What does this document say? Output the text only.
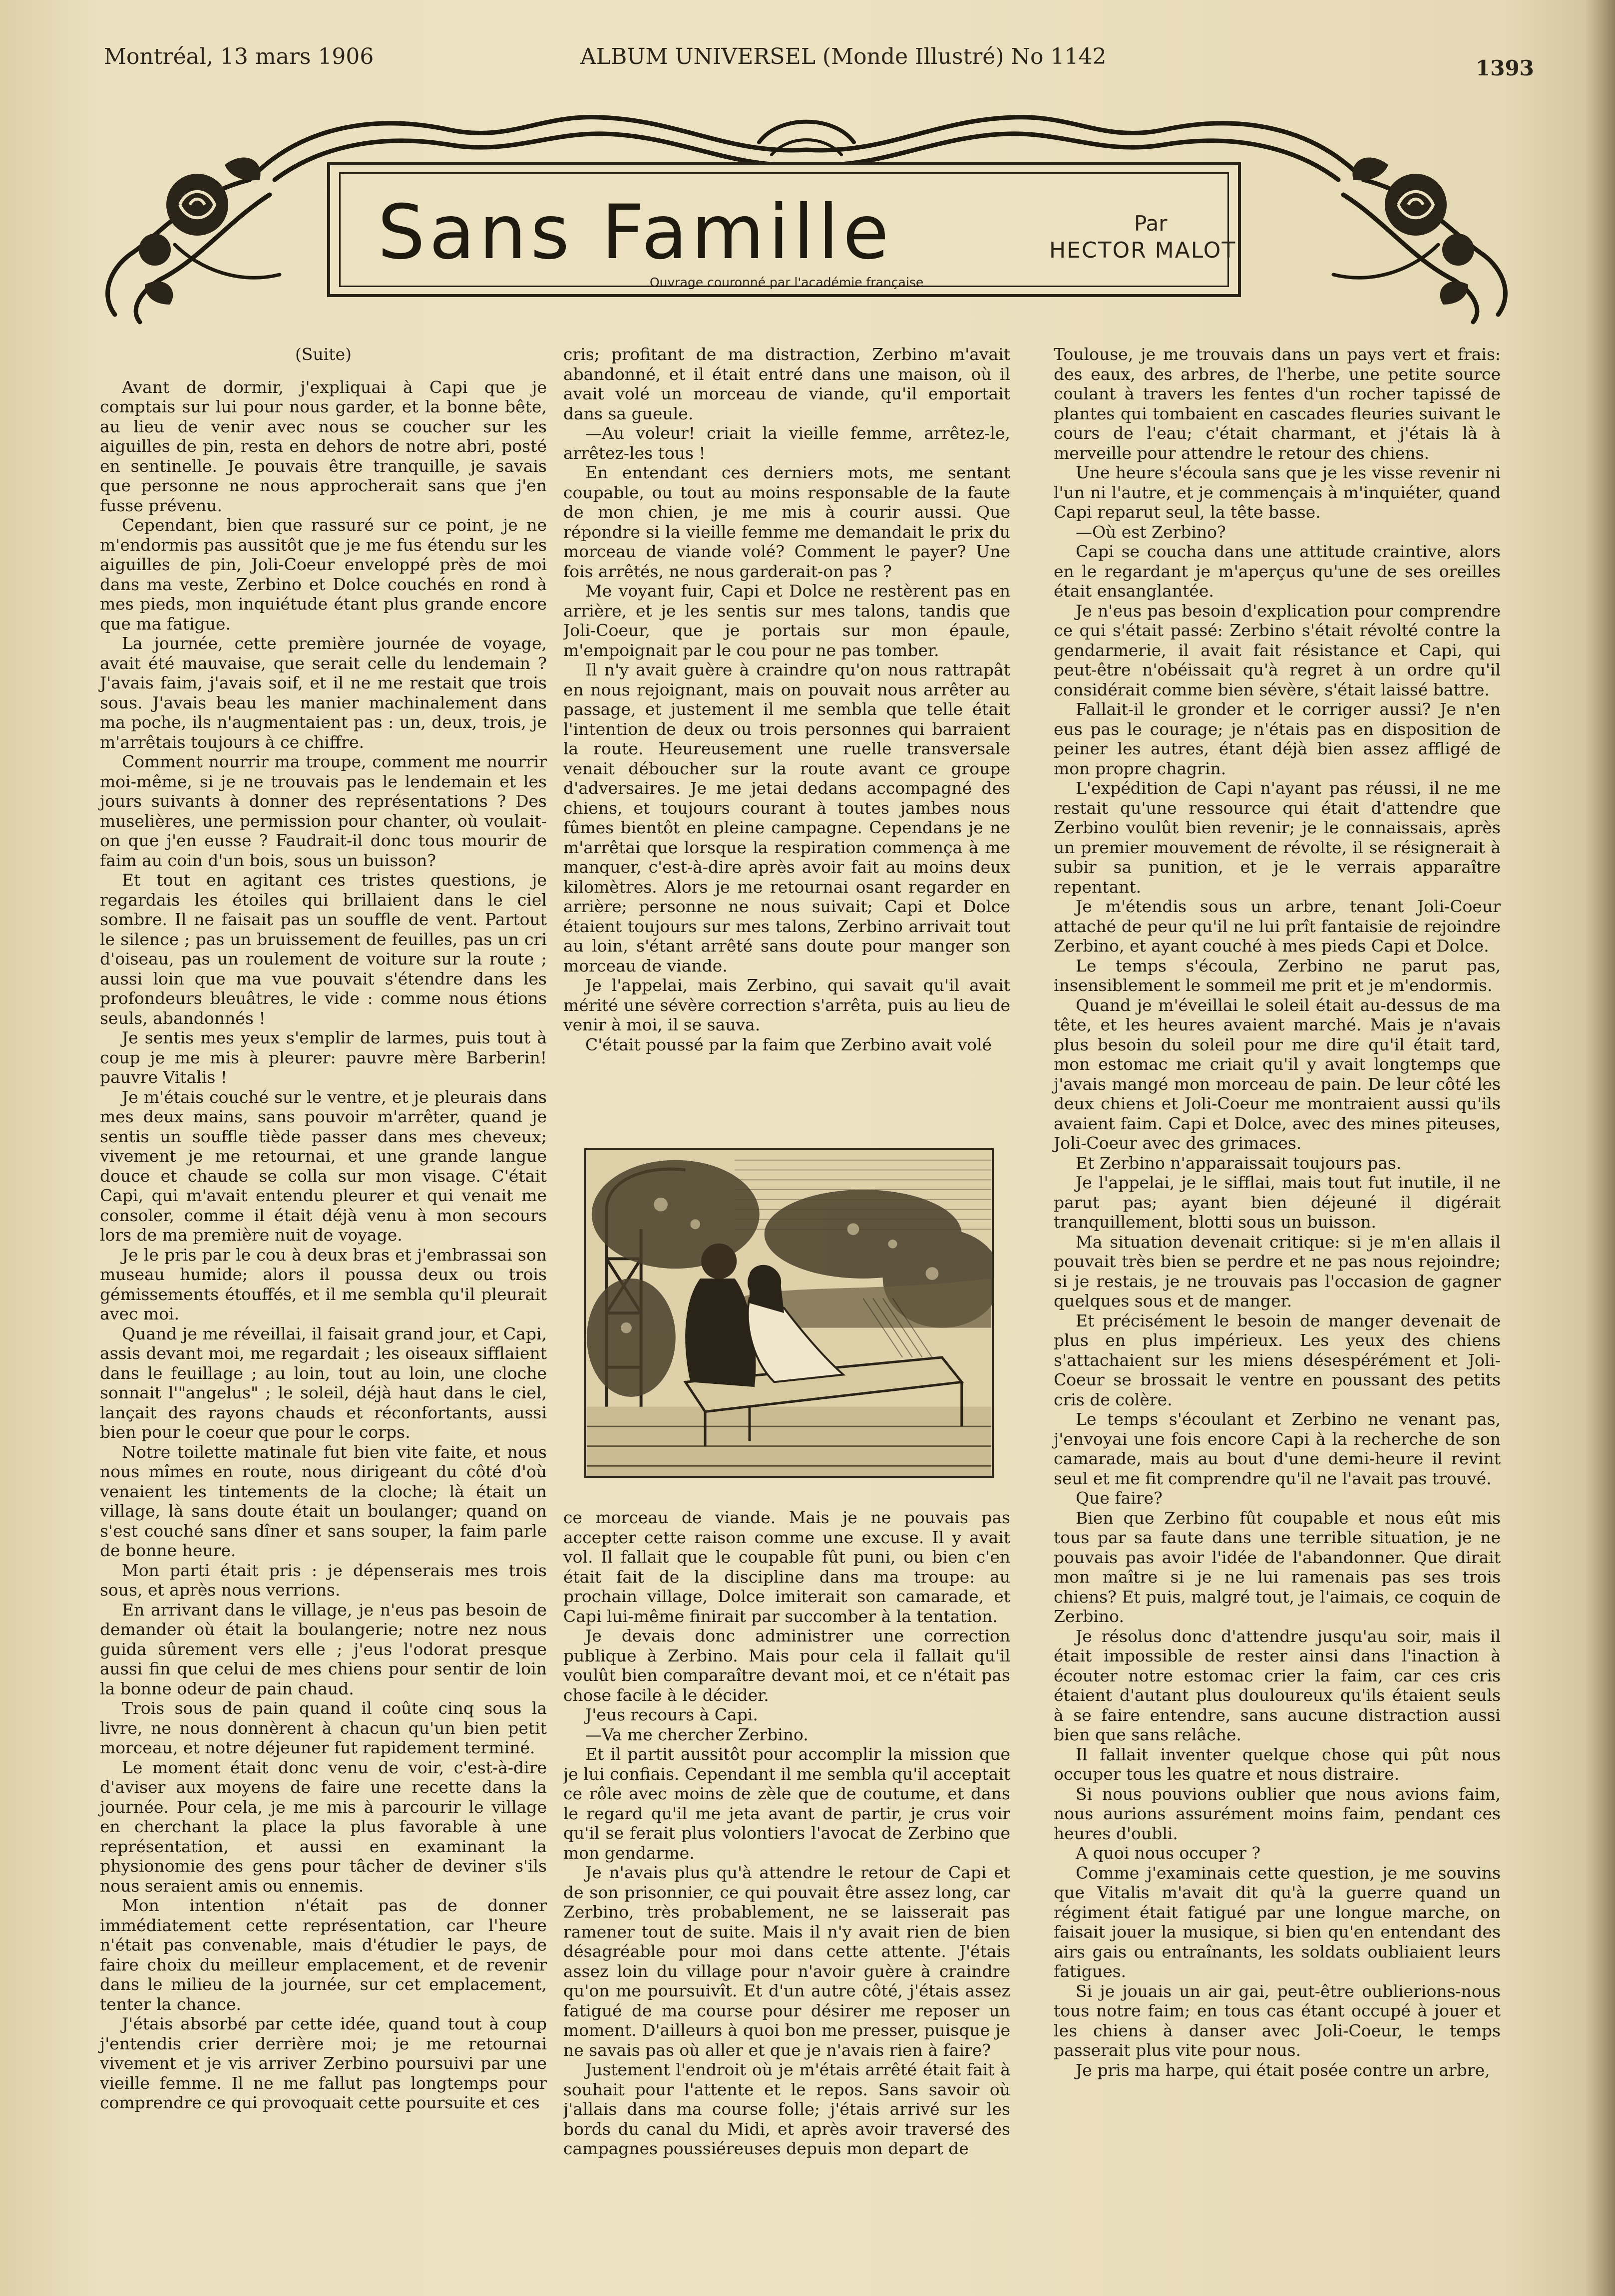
Montréal, 13 mars 1906	ALBUM UNIVERSEL (Monde Illustré) No 1142	1393
Sans Famille	Par
HECTOR MALOT
Ouvrage couronné par l'académie française

(Suite)

Avant de dormir, j'expliquai à Capi que je comptais sur lui pour nous garder, et la bonne bête, au lieu de venir avec nous se coucher sur les aiguilles de pin, resta en dehors de notre abri, posté en sentinelle. Je pouvais être tranquille, je savais que personne ne nous approcherait sans que j'en fusse prévenu.

Cependant, bien que rassuré sur ce point, je ne m'endormis pas aussitôt que je me fus étendu sur les aiguilles de pin, Joli-Coeur enveloppé près de moi dans ma veste, Zerbino et Dolce couchés en rond à mes pieds, mon inquiétude étant plus grande encore que ma fatigue.

La journée, cette première journée de voyage, avait été mauvaise, que serait celle du lendemain ? J'avais faim, j'avais soif, et il ne me restait que trois sous. J'avais beau les manier machinalement dans ma poche, ils n'augmentaient pas : un, deux, trois, je m'arrêtais toujours à ce chiffre.

Comment nourrir ma troupe, comment me nourrir moi-même, si je ne trouvais pas le lendemain et les jours suivants à donner des représentations ? Des muselières, une permission pour chanter, où voulait-on que j'en eusse ? Faudrait-il donc tous mourir de faim au coin d'un bois, sous un buisson?

Et tout en agitant ces tristes questions, je regardais les étoiles qui brillaient dans le ciel sombre. Il ne faisait pas un souffle de vent. Partout le silence ; pas un bruissement de feuilles, pas un cri d'oiseau, pas un roulement de voiture sur la route ; aussi loin que ma vue pouvait s'étendre dans les profondeurs bleuâtres, le vide : comme nous étions seuls, abandonnés !

Je sentis mes yeux s'emplir de larmes, puis tout à coup je me mis à pleurer: pauvre mère Barberin! pauvre Vitalis !

Je m'étais couché sur le ventre, et je pleurais dans mes deux mains, sans pouvoir m'arrêter, quand je sentis un souffle tiède passer dans mes cheveux; vivement je me retournai, et une grande langue douce et chaude se colla sur mon visage. C'était Capi, qui m'avait entendu pleurer et qui venait me consoler, comme il était déjà venu à mon secours lors de ma première nuit de voyage.

Je le pris par le cou à deux bras et j'embrassai son museau humide; alors il poussa deux ou trois gémissements étouffés, et il me sembla qu'il pleurait avec moi.

Quand je me réveillai, il faisait grand jour, et Capi, assis devant moi, me regardait ; les oiseaux sifflaient dans le feuillage ; au loin, tout au loin, une cloche sonnait l'"angelus" ; le soleil, déjà haut dans le ciel, lançait des rayons chauds et réconfortants, aussi bien pour le coeur que pour le corps.

Notre toilette matinale fut bien vite faite, et nous nous mîmes en route, nous dirigeant du côté d'où venaient les tintements de la cloche; là était un village, là sans doute était un boulanger; quand on s'est couché sans dîner et sans souper, la faim parle de bonne heure.

Mon parti était pris : je dépenserais mes trois sous, et après nous verrions.

En arrivant dans le village, je n'eus pas besoin de demander où était la boulangerie; notre nez nous guida sûrement vers elle ; j'eus l'odorat presque aussi fin que celui de mes chiens pour sentir de loin la bonne odeur de pain chaud.

Trois sous de pain quand il coûte cinq sous la livre, ne nous donnèrent à chacun qu'un bien petit morceau, et notre déjeuner fut rapidement terminé.

Le moment était donc venu de voir, c'est-à-dire d'aviser aux moyens de faire une recette dans la journée. Pour cela, je me mis à parcourir le village en cherchant la place la plus favorable à une représentation, et aussi en examinant la physionomie des gens pour tâcher de deviner s'ils nous seraient amis ou ennemis.

Mon intention n'était pas de donner immédiatement cette représentation, car l'heure n'était pas convenable, mais d'étudier le pays, de faire choix du meilleur emplacement, et de revenir dans le milieu de la journée, sur cet emplacement, tenter la chance.

J'étais absorbé par cette idée, quand tout à coup j'entendis crier derrière moi; je me retournai vivement et je vis arriver Zerbino poursuivi par une vieille femme. Il ne me fallut pas longtemps pour comprendre ce qui provoquait cette poursuite et ces

cris; profitant de ma distraction, Zerbino m'avait abandonné, et il était entré dans une maison, où il avait volé un morceau de viande, qu'il emportait dans sa gueule.

—Au voleur! criait la vieille femme, arrêtez-le, arrêtez-les tous !

En entendant ces derniers mots, me sentant coupable, ou tout au moins responsable de la faute de mon chien, je me mis à courir aussi. Que répondre si la vieille femme me demandait le prix du morceau de viande volé? Comment le payer? Une fois arrêtés, ne nous garderait-on pas ?

Me voyant fuir, Capi et Dolce ne restèrent pas en arrière, et je les sentis sur mes talons, tandis que Joli-Coeur, que je portais sur mon épaule, m'empoignait par le cou pour ne pas tomber.

Il n'y avait guère à craindre qu'on nous rattrapât en nous rejoignant, mais on pouvait nous arrêter au passage, et justement il me sembla que telle était l'intention de deux ou trois personnes qui barraient la route. Heureusement une ruelle transversale venait déboucher sur la route avant ce groupe d'adversaires. Je me jetai dedans accompagné des chiens, et toujours courant à toutes jambes nous fûmes bientôt en pleine campagne. Cependans je ne m'arrêtai que lorsque la respiration commença à me manquer, c'est-à-dire après avoir fait au moins deux kilomètres. Alors je me retournai osant regarder en arrière; personne ne nous suivait; Capi et Dolce étaient toujours sur mes talons, Zerbino arrivait tout au loin, s'étant arrêté sans doute pour manger son morceau de viande.

Je l'appelai, mais Zerbino, qui savait qu'il avait mérité une sévère correction s'arrêta, puis au lieu de venir à moi, il se sauva.

C'était poussé par la faim que Zerbino avait volé

ce morceau de viande. Mais je ne pouvais pas accepter cette raison comme une excuse. Il y avait vol. Il fallait que le coupable fût puni, ou bien c'en était fait de la discipline dans ma troupe: au prochain village, Dolce imiterait son camarade, et Capi lui-même finirait par succomber à la tentation.

Je devais donc administrer une correction publique à Zerbino. Mais pour cela il fallait qu'il voulût bien comparaître devant moi, et ce n'était pas chose facile à le décider.

J'eus recours à Capi.

—Va me chercher Zerbino.

Et il partit aussitôt pour accomplir la mission que je lui confiais. Cependant il me sembla qu'il acceptait ce rôle avec moins de zèle que de coutume, et dans le regard qu'il me jeta avant de partir, je crus voir qu'il se ferait plus volontiers l'avocat de Zerbino que mon gendarme.

Je n'avais plus qu'à attendre le retour de Capi et de son prisonnier, ce qui pouvait être assez long, car Zerbino, très probablement, ne se laisserait pas ramener tout de suite. Mais il n'y avait rien de bien désagréable pour moi dans cette attente. J'étais assez loin du village pour n'avoir guère à craindre qu'on me poursuivît. Et d'un autre côté, j'étais assez fatigué de ma course pour désirer me reposer un moment. D'ailleurs à quoi bon me presser, puisque je ne savais pas où aller et que je n'avais rien à faire?

Justement l'endroit où je m'étais arrêté était fait à souhait pour l'attente et le repos. Sans savoir où j'allais dans ma course folle; j'étais arrivé sur les bords du canal du Midi, et après avoir traversé des campagnes poussiéreuses depuis mon depart de

Toulouse, je me trouvais dans un pays vert et frais: des eaux, des arbres, de l'herbe, une petite source coulant à travers les fentes d'un rocher tapissé de plantes qui tombaient en cascades fleuries suivant le cours de l'eau; c'était charmant, et j'étais là à merveille pour attendre le retour des chiens.

Une heure s'écoula sans que je les visse revenir ni l'un ni l'autre, et je commençais à m'inquiéter, quand Capi reparut seul, la tête basse.

—Où est Zerbino?

Capi se coucha dans une attitude craintive, alors en le regardant je m'aperçus qu'une de ses oreilles était ensanglantée.

Je n'eus pas besoin d'explication pour comprendre ce qui s'était passé: Zerbino s'était révolté contre la gendarmerie, il avait fait résistance et Capi, qui peut-être n'obéissait qu'à regret à un ordre qu'il considérait comme bien sévère, s'était laissé battre.

Fallait-il le gronder et le corriger aussi? Je n'en eus pas le courage; je n'étais pas en disposition de peiner les autres, étant déjà bien assez affligé de mon propre chagrin.

L'expédition de Capi n'ayant pas réussi, il ne me restait qu'une ressource qui était d'attendre que Zerbino voulût bien revenir; je le connaissais, après un premier mouvement de révolte, il se résignerait à subir sa punition, et je le verrais apparaître repentant.

Je m'étendis sous un arbre, tenant Joli-Coeur attaché de peur qu'il ne lui prît fantaisie de rejoindre Zerbino, et ayant couché à mes pieds Capi et Dolce.

Le temps s'écoula, Zerbino ne parut pas, insensiblement le sommeil me prit et je m'endormis.

Quand je m'éveillai le soleil était au-dessus de ma tête, et les heures avaient marché. Mais je n'avais plus besoin du soleil pour me dire qu'il était tard, mon estomac me criait qu'il y avait longtemps que j'avais mangé mon morceau de pain. De leur côté les deux chiens et Joli-Coeur me montraient aussi qu'ils avaient faim. Capi et Dolce, avec des mines piteuses, Joli-Coeur avec des grimaces.

Et Zerbino n'apparaissait toujours pas.

Je l'appelai, je le sifflai, mais tout fut inutile, il ne parut pas; ayant bien déjeuné il digérait tranquillement, blotti sous un buisson.

Ma situation devenait critique: si je m'en allais il pouvait très bien se perdre et ne pas nous rejoindre; si je restais, je ne trouvais pas l'occasion de gagner quelques sous et de manger.

Et précisément le besoin de manger devenait de plus en plus impérieux. Les yeux des chiens s'attachaient sur les miens désespérément et Joli-Coeur se brossait le ventre en poussant des petits cris de colère.

Le temps s'écoulant et Zerbino ne venant pas, j'envoyai une fois encore Capi à la recherche de son camarade, mais au bout d'une demi-heure il revint seul et me fit comprendre qu'il ne l'avait pas trouvé.

Que faire?

Bien que Zerbino fût coupable et nous eût mis tous par sa faute dans une terrible situation, je ne pouvais pas avoir l'idée de l'abandonner. Que dirait mon maître si je ne lui ramenais pas ses trois chiens? Et puis, malgré tout, je l'aimais, ce coquin de Zerbino.

Je résolus donc d'attendre jusqu'au soir, mais il était impossible de rester ainsi dans l'inaction à écouter notre estomac crier la faim, car ces cris étaient d'autant plus douloureux qu'ils étaient seuls à se faire entendre, sans aucune distraction aussi bien que sans relâche.

Il fallait inventer quelque chose qui pût nous occuper tous les quatre et nous distraire.

Si nous pouvions oublier que nous avions faim, nous aurions assurément moins faim, pendant ces heures d'oubli.

A quoi nous occuper ?

Comme j'examinais cette question, je me souvins que Vitalis m'avait dit qu'à la guerre quand un régiment était fatigué par une longue marche, on faisait jouer la musique, si bien qu'en entendant des airs gais ou entraînants, les soldats oubliaient leurs fatigues.

Si je jouais un air gai, peut-être oublierions-nous tous notre faim; en tous cas étant occupé à jouer et les chiens à danser avec Joli-Coeur, le temps passerait plus vite pour nous.

Je pris ma harpe, qui était posée contre un arbre,
